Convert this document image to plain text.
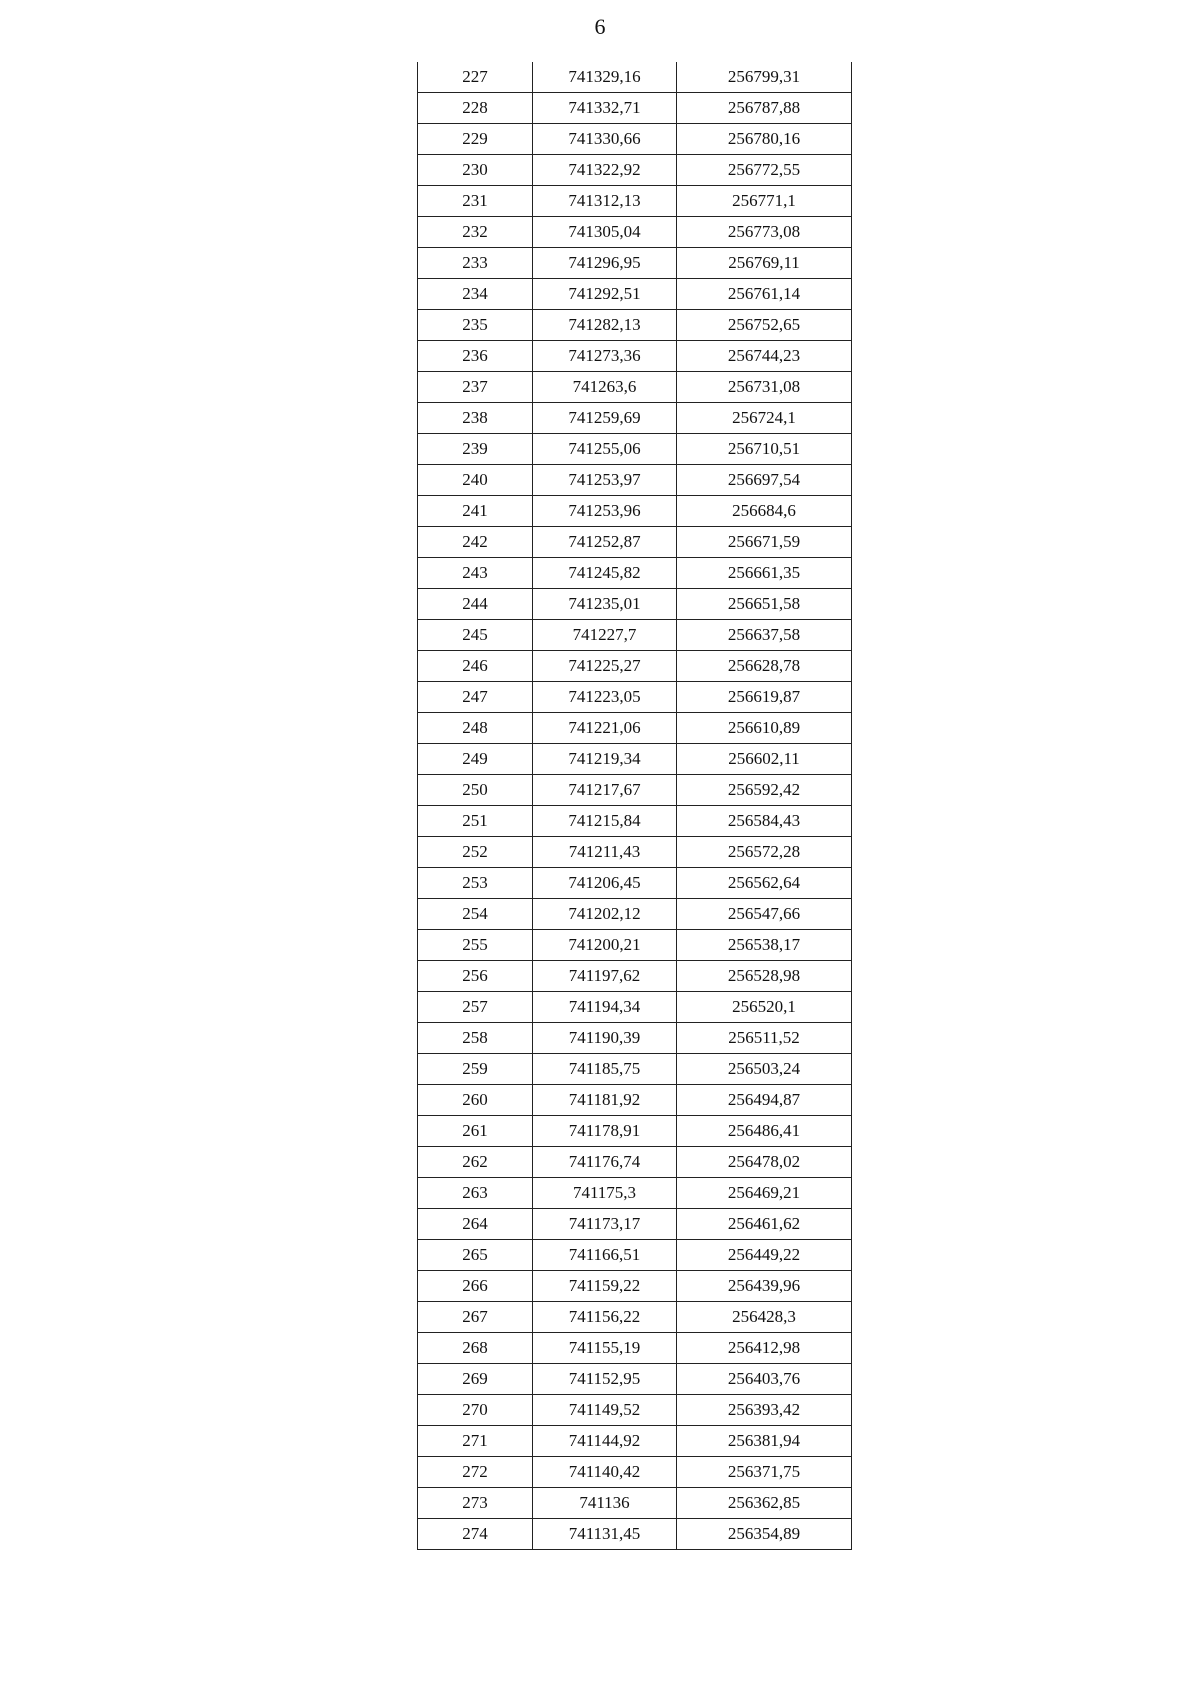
6
227	741329,16	256799,31
228	741332,71	256787,88
229	741330,66	256780,16
230	741322,92	256772,55
231	741312,13	256771,1
232	741305,04	256773,08
233	741296,95	256769,11
234	741292,51	256761,14
235	741282,13	256752,65
236	741273,36	256744,23
237	741263,6	256731,08
238	741259,69	256724,1
239	741255,06	256710,51
240	741253,97	256697,54
241	741253,96	256684,6
242	741252,87	256671,59
243	741245,82	256661,35
244	741235,01	256651,58
245	741227,7	256637,58
246	741225,27	256628,78
247	741223,05	256619,87
248	741221,06	256610,89
249	741219,34	256602,11
250	741217,67	256592,42
251	741215,84	256584,43
252	741211,43	256572,28
253	741206,45	256562,64
254	741202,12	256547,66
255	741200,21	256538,17
256	741197,62	256528,98
257	741194,34	256520,1
258	741190,39	256511,52
259	741185,75	256503,24
260	741181,92	256494,87
261	741178,91	256486,41
262	741176,74	256478,02
263	741175,3	256469,21
264	741173,17	256461,62
265	741166,51	256449,22
266	741159,22	256439,96
267	741156,22	256428,3
268	741155,19	256412,98
269	741152,95	256403,76
270	741149,52	256393,42
271	741144,92	256381,94
272	741140,42	256371,75
273	741136	256362,85
274	741131,45	256354,89
